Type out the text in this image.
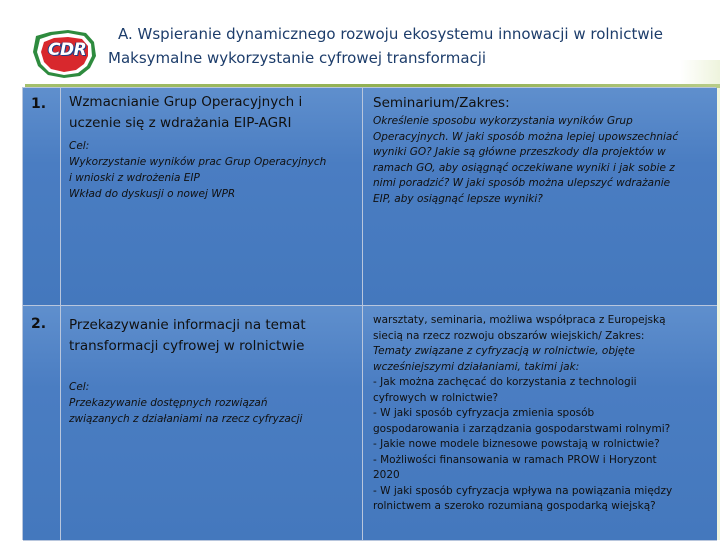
CDR
A. Wspieranie dynamicznego rozwoju ekosystemu innowacji w rolnictwie
Maksymalne wykorzystanie cyfrowej transformacji
1. Wzmacnianie Grup Operacyjnych i
uczenie się z wdrażania EIP-AGRI
Cel:
Wykorzystanie wyników prac Grup Operacyjnych
i wnioski z wdrożenia EIP
Wkład do dyskusji o nowej WPR
Seminarium/Zakres:
Określenie sposobu wykorzystania wyników Grup
Operacyjnych. W jaki sposób można lepiej upowszechniać
wyniki GO? Jakie są główne przeszkody dla projektów w
ramach GO, aby osiągnąć oczekiwane wyniki i jak sobie z
nimi poradzić? W jaki sposób można ulepszyć wdrażanie
EIP, aby osiągnąć lepsze wyniki?
2. Przekazywanie informacji na temat
transformacji cyfrowej w rolnictwie
Cel:
Przekazywanie dostępnych rozwiązań
związanych z działaniami na rzecz cyfryzacji
warsztaty, seminaria, możliwa współpraca z Europejską
siecią na rzecz rozwoju obszarów wiejskich/ Zakres:
Tematy związane z cyfryzacją w rolnictwie, objęte
wcześniejszymi działaniami, takimi jak:
- Jak można zachęcać do korzystania z technologii
cyfrowych w rolnictwie?
- W jaki sposób cyfryzacja zmienia sposób
gospodarowania i zarządzania gospodarstwami rolnymi?
- Jakie nowe modele biznesowe powstają w rolnictwie?
- Możliwości finansowania w ramach PROW i Horyzont
2020
- W jaki sposób cyfryzacja wpływa na powiązania między
rolnictwem a szeroko rozumianą gospodarką wiejską?
